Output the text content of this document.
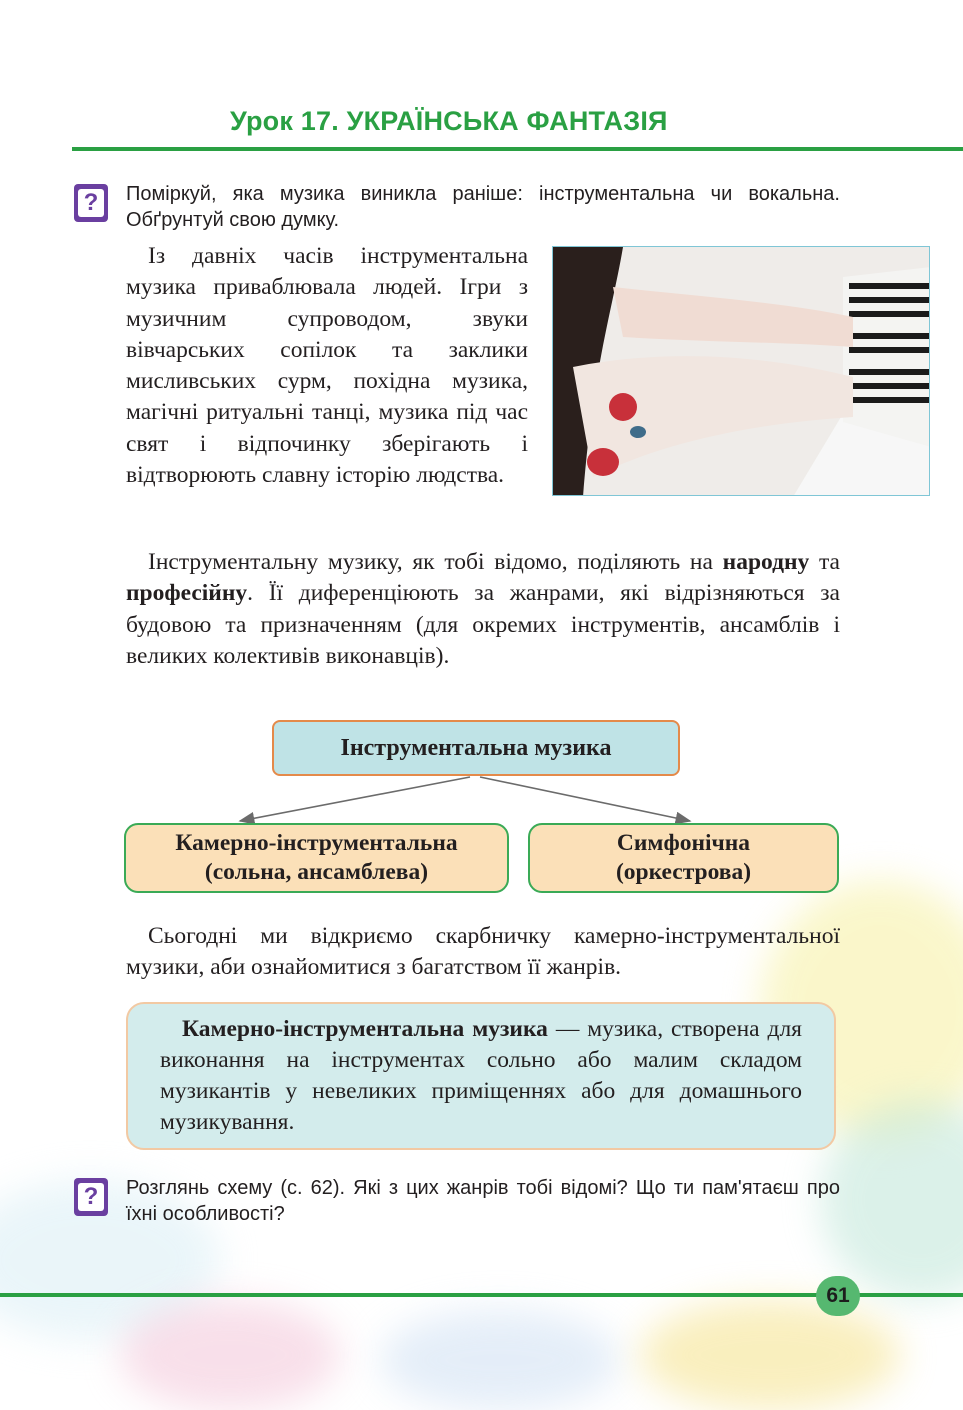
Урок 17. УКРАЇНСЬКА ФАНТАЗІЯ
? Поміркуй, яка музика виникла раніше: інструментальна чи вокальна. Обґрунтуй свою думку.
Із давніх часів інструментальна музика приваблювала людей. Ігри з музичним супроводом, звуки вівчарських сопілок та заклики мисливських сурм, похідна музика, магічні ритуальні танці, музика під час свят і відпочинку зберігають і відтворюють славну історію людства.
Інструментальну музику, як тобі відомо, поділяють на народну та професійну. Її диференціюють за жанрами, які відрізняються за будовою та призначенням (для окремих інструментів, ансамблів і великих колективів виконавців).
Інструментальна музика
Камерно-інструментальна
(сольна, ансамблева)
Симфонічна
(оркестрова)
Сьогодні ми відкриємо скарбничку камерно-інструментальної музики, аби ознайомитися з багатством її жанрів.
Камерно-інструментальна музика — музика, створена для виконання на інструментах сольно або малим складом музикантів у невеликих приміщеннях або для домашнього музикування.
? Розглянь схему (с. 62). Які з цих жанрів тобі відомі? Що ти пам'ятаєш про їхні особливості?
61
